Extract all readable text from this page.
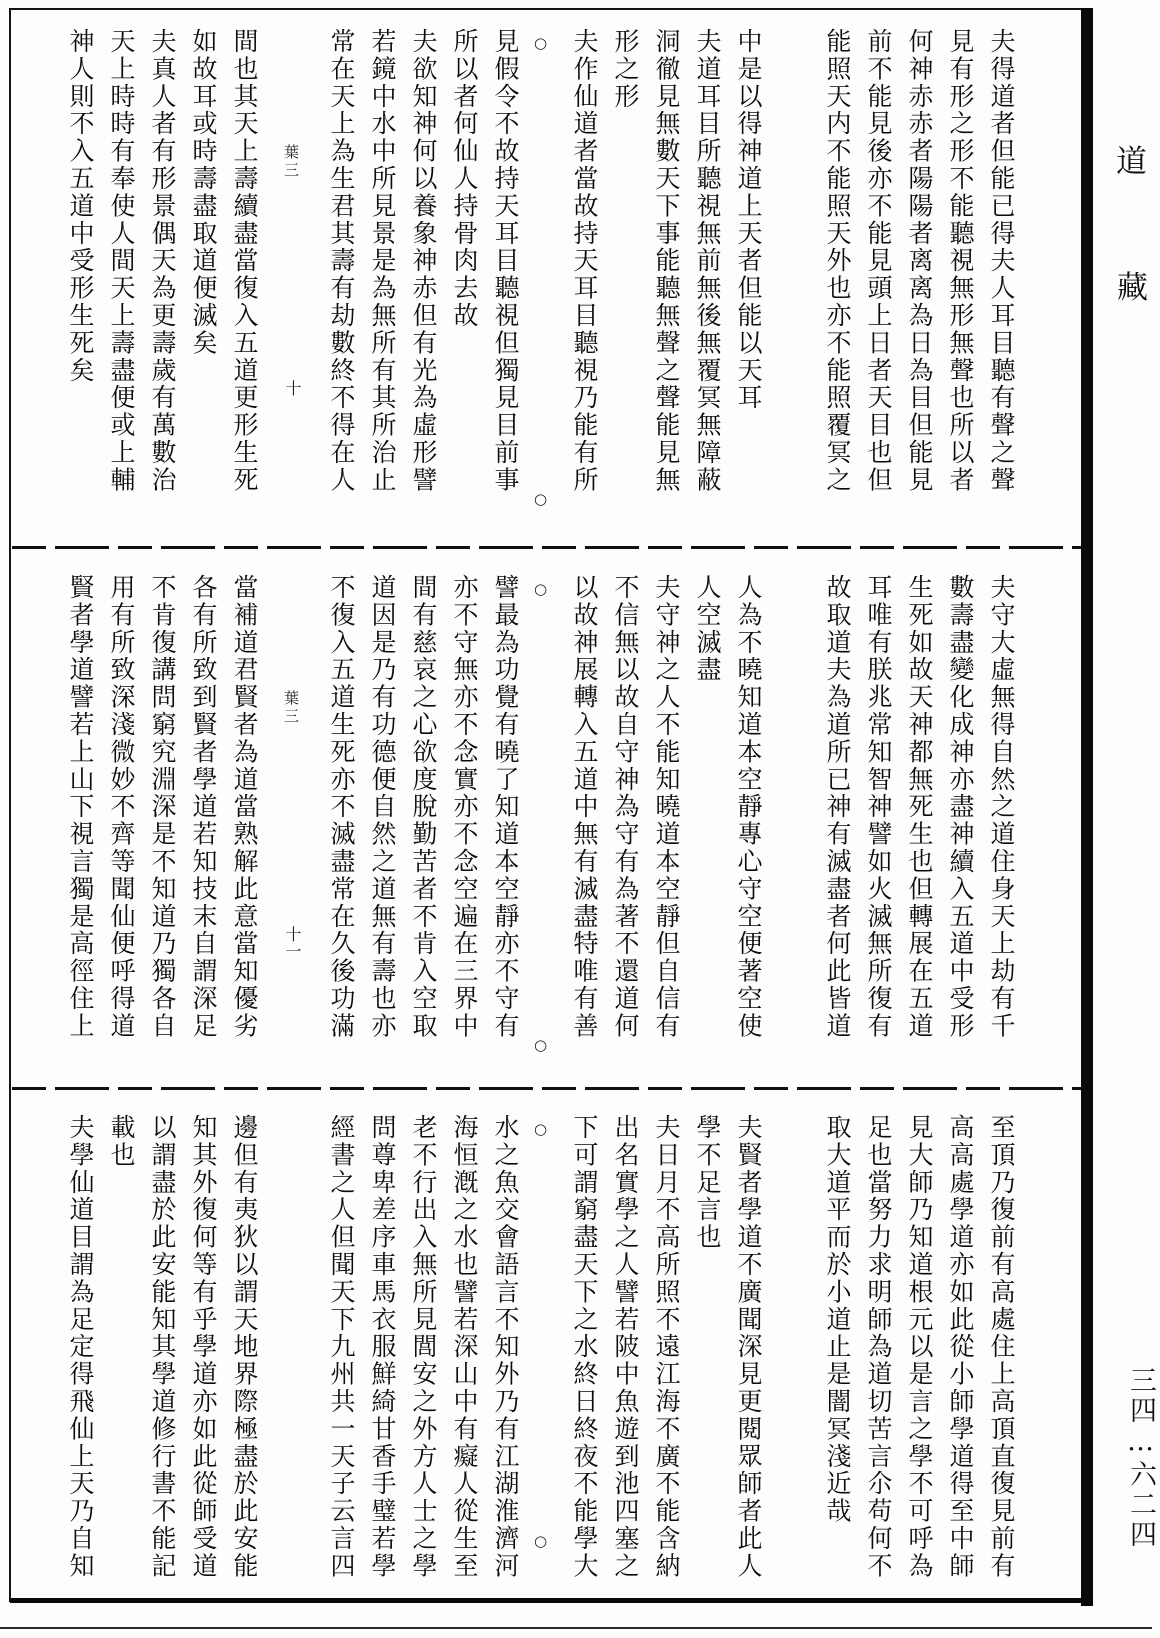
夫得道者但能已得夫人耳目聽有聲之聲
見有形之形不能聽視無形無聲也所以者
何神赤赤者陽陽者离离為日為目但能見
前不能見後亦不能見頭上日者天目也但
能照天内不能照天外也亦不能照覆冥之
中是以得神道上天者但能以天耳
夫道耳目所聽視無前無後無覆冥無障蔽
洞徹見無數天下事能聽無聲之聲能見無
形之形
夫作仙道者當故持天耳目聽視乃能有所
○
○
見假令不故持天耳目聽視但獨見目前事
所以者何仙人持骨肉去故
夫欲知神何以養象神赤但有光為虛形譬
若鏡中水中所見景是為無所有其所治止
常在天上為生君其壽有劫數終不得在人
葉三
十
間也其天上壽續盡當復入五道更形生死
如故耳或時壽盡取道便滅矣
夫真人者有形景偶天為更壽歲有萬數治
天上時時有奉使人間天上壽盡便或上輔
神人則不入五道中受形生死矣
夫守大虛無得自然之道住身天上劫有千
數壽盡變化成神亦盡神續入五道中受形
生死如故天神都無死生也但轉展在五道
耳唯有朕兆常知智神譬如火滅無所復有
故取道夫為道所已神有滅盡者何此皆道
人為不曉知道本空靜專心守空便著空使
人空滅盡
夫守神之人不能知曉道本空靜但自信有
不信無以故自守神為守有為著不還道何
以故神展轉入五道中無有滅盡特唯有善
○
○
譬最為功覺有曉了知道本空靜亦不守有
亦不守無亦不念實亦不念空遍在三界中
間有慈哀之心欲度脫勤苦者不肯入空取
道因是乃有功德便自然之道無有壽也亦
不復入五道生死亦不滅盡常在久後功滿
葉三
十一
當補道君賢者為道當熟解此意當知優劣
各有所致到賢者學道若知技末自謂深足
不肯復講問窮究淵深是不知道乃獨各自
用有所致深淺微妙不齊等聞仙便呼得道
賢者學道譬若上山下視言獨是高徑住上
至頂乃復前有高處住上高頂直復見前有
高高處學道亦如此從小師學道得至中師
見大師乃知道根元以是言之學不可呼為
足也當努力求明師為道切苦言尒苟何不
取大道平而於小道止是闇冥淺近哉
夫賢者學道不廣聞深見更閱眾師者此人
學不足言也
夫日月不高所照不遠江海不廣不能含納
出名實學之人譬若陂中魚遊到池四塞之
下可謂窮盡天下之水終日終夜不能學大
○
○
水之魚交會語言不知外乃有江湖淮濟河
海恒漑之水也譬若深山中有癡人從生至
老不行出入無所見閭安之外方人士之學
問尊卑差序車馬衣服鮮綺甘香手璧若學
經書之人但聞天下九州共一天子云言四
邊但有夷狄以謂天地界際極盡於此安能
知其外復何等有乎學道亦如此從師受道
以謂盡於此安能知其學道修行書不能記
載也
夫學仙道目謂為足定得飛仙上天乃自知
道
藏
三四…六二四
